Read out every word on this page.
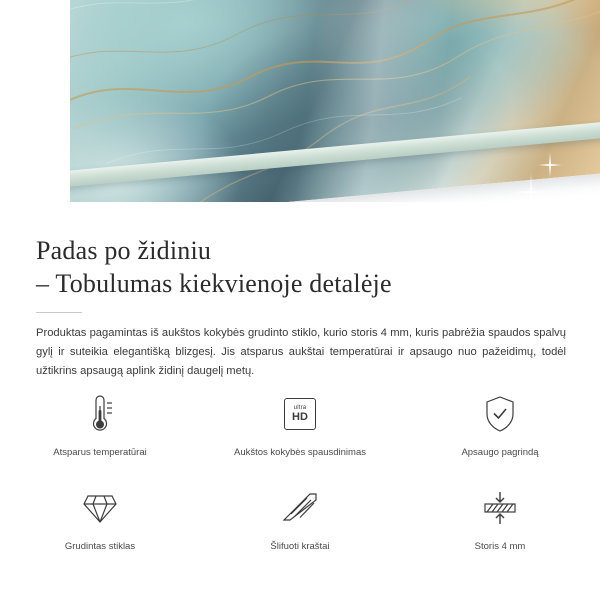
Padas po židiniu
– Tobulumas kiekvienoje detalėje

Produktas pagamintas iš aukštos kokybės grudinto stiklo, kurio storis 4 mm, kuris pabrėžia spaudos spalvų gylį ir suteikia elegantišką blizgesį. Jis atsparus aukštai temperatūrai ir apsaugo nuo pažeidimų, todėl užtikrins apsaugą aplink židinį daugelį metų.

Atsparus temperatūrai
ultra
HD
Aukštos kokybės spausdinimas	Apsaugo pagrindą
Grudintas stiklas	Šlifuoti kraštai	Storis 4 mm
